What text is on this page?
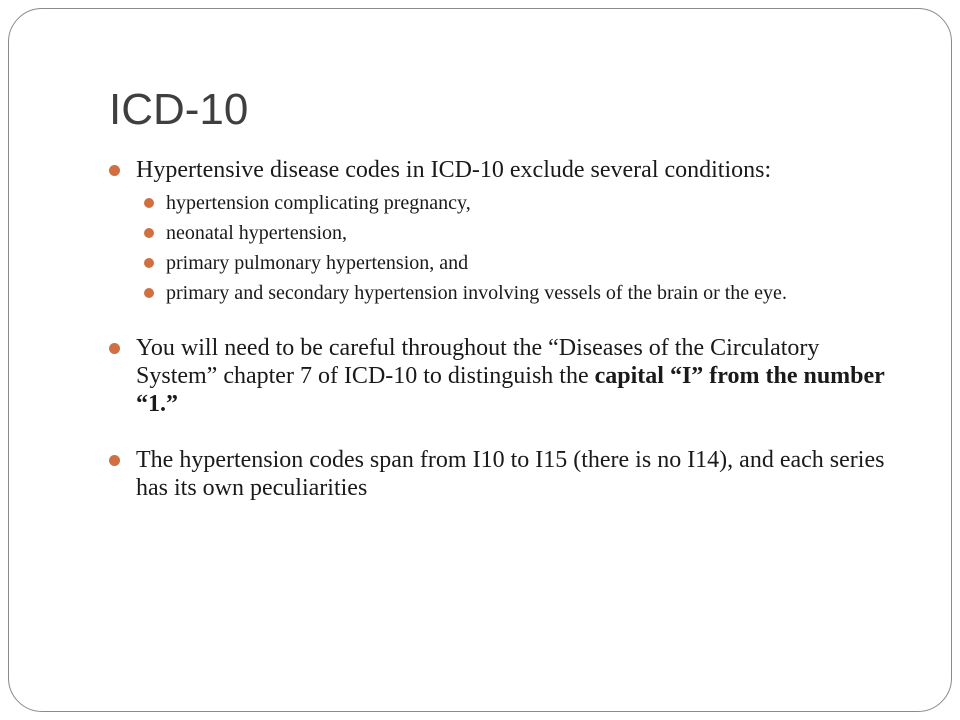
ICD-10
Hypertensive disease codes in ICD-10 exclude several conditions:
hypertension complicating pregnancy,
neonatal hypertension,
primary pulmonary hypertension, and
primary and secondary hypertension involving vessels of the brain or the eye.
You will need to be careful throughout the “Diseases of the Circulatory System” chapter 7 of ICD-10 to distinguish the capital “I” from the number “1.”
The hypertension codes span from I10 to I15 (there is no I14), and each series has its own peculiarities
